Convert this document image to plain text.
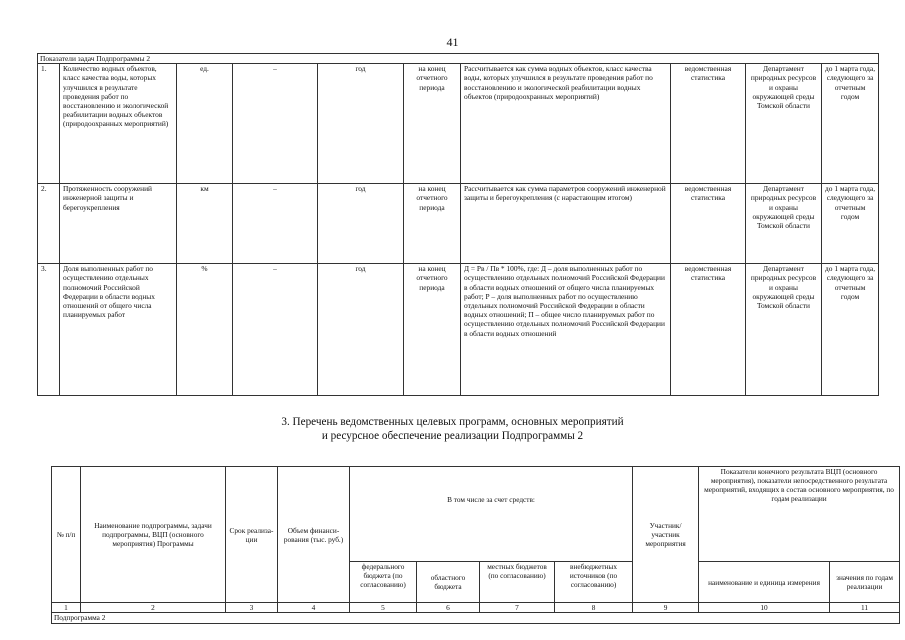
41
Показатели задач Подпрограммы 2									
1.	Количество водных объектов, класс качества воды, которых улучшился в результате проведения работ по восстановлению и экологической реабилитации водных объектов (природоохранных мероприятий)	ед.	–	год	на конец отчетного периода	Рассчитывается как сумма водных объектов, класс качества воды, которых улучшился в результате проведения работ по восстановлению и экологической реабилитации водных объектов (природоохранных мероприятий)	ведомственная статистика	Департамент природных ресурсов и охраны окружающей среды Томской области	до 1 марта года, следующего за отчетным годом
2.	Протяженность сооружений инженерной защиты и берегоукрепления	км	–	год	на конец отчетного периода	Рассчитывается как сумма параметров сооружений инженерной защиты и берегоукрепления (с нарастающим итогом)	ведомственная статистика	Департамент природных ресурсов и охраны окружающей среды Томской области	до 1 марта года, следующего за отчетным годом
3.	Доля выполненных работ по осуществлению отдельных полномочий Российской Федерации в области водных отношений от общего числа планируемых работ	%	–	год	на конец отчетного периода	Д = Рв / Пв * 100%, где: Д – доля выполненных работ по осуществлению отдельных полномочий Российской Федерации в области водных отношений от общего числа планируемых работ; Р – доля выполненных работ по осуществлению отдельных полномочий Российской Федерации в области водных отношений; П – общее число планируемых работ по осуществлению отдельных полномочий Российской Федерации в области водных отношений	ведомственная статистика	Департамент природных ресурсов и охраны окружающей среды Томской области	до 1 марта года, следующего за отчетным годом
3. Перечень ведомственных целевых программ, основных мероприятий
и ресурсное обеспечение реализации Подпрограммы 2
№ п/п	Наименование подпрограммы, задачи подпрограммы, ВЦП (основного мероприятия) Программы	Срок реализа-ции	Объем финанси-рования (тыс. руб.)	В том числе за счет средств:				Участник/ участник мероприятия	Показатели конечного результата ВЦП (основного мероприятия), показатели непосредственного результата мероприятий, входящих в состав основного мероприятия, по годам реализации	
				федерального бюджета (по согласованию)	областного бюджета	местных бюджетов (по согласованию)	внебюджетных источников (по согласованию)		наименование и единица измерения	значения по годам реализации
1	2	3	4	5	6	7	8	9	10	11
Подпрограмма 2										
